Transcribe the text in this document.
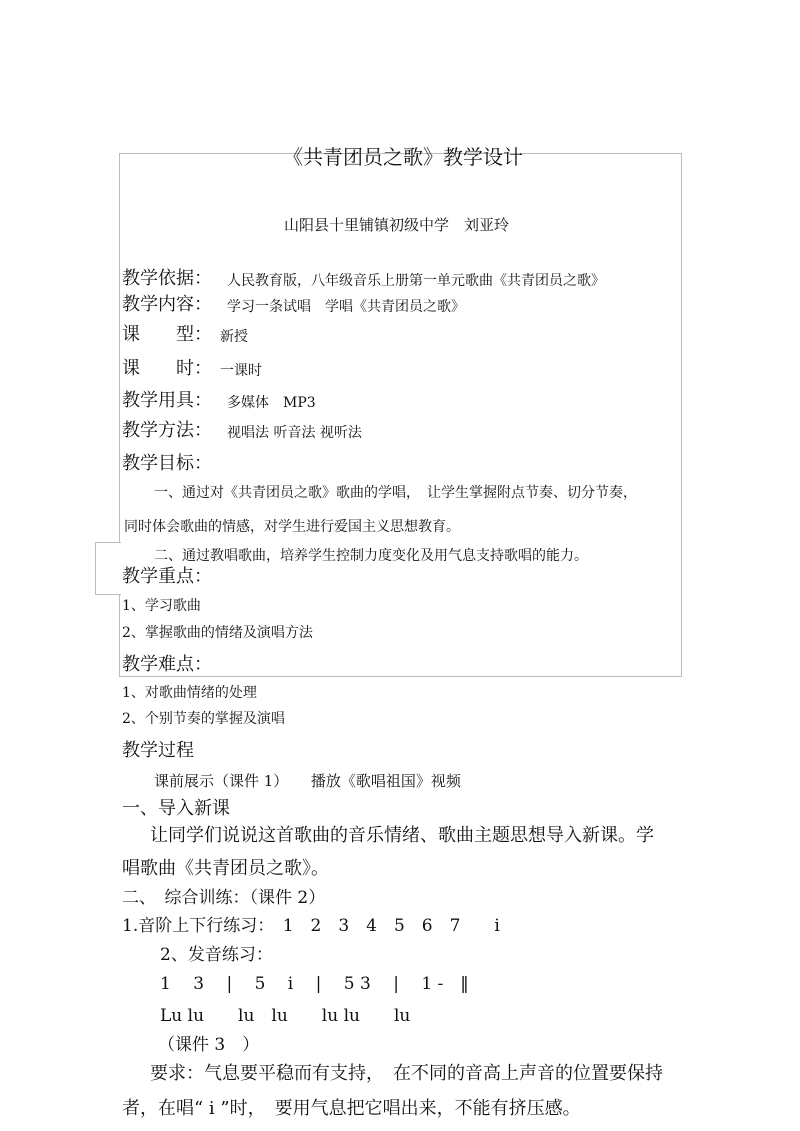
《共青团员之歌》教学设计
山阳县十里铺镇初级中学　刘亚玲
教学依据： 人民教育版，八年级音乐上册第一单元歌曲《共青团员之歌》
教学内容： 学习一条试唱　学唱《共青团员之歌》
课　　型： 新授
课　　时： 一课时
教学用具： 多媒体　MP3
教学方法： 视唱法 听音法 视听法
教学目标：
一、通过对《共青团员之歌》歌曲的学唱，　让学生掌握附点节奏、切分节奏，
同时体会歌曲的情感，对学生进行爱国主义思想教育。
二、通过教唱歌曲，培养学生控制力度变化及用气息支持歌唱的能力。
教学重点：
1、学习歌曲
2、掌握歌曲的情绪及演唱方法
教学难点：
1、对歌曲情绪的处理
2、个别节奏的掌握及演唱
教学过程
课前展示（课件 1）　　播放《歌唱祖国》视频
一、导入新课
让同学们说说这首歌曲的音乐情绪、歌曲主题思想导入新课。学
唱歌曲《共青团员之歌》。
二、　综合训练：（课件 2）
1.音阶上下行练习：　1　2　3　4　5　6　7　　i
2、发音练习：
1　 3　 |　 5　 i　 |　 5 3　 |　 1 -　‖
Lu lu　　lu　lu　　lu lu　　lu
（课件 3　）
要求：气息要平稳而有支持，　在不同的音高上声音的位置要保持
者，在唱“ i ”时，　要用气息把它唱出来，不能有挤压感。
